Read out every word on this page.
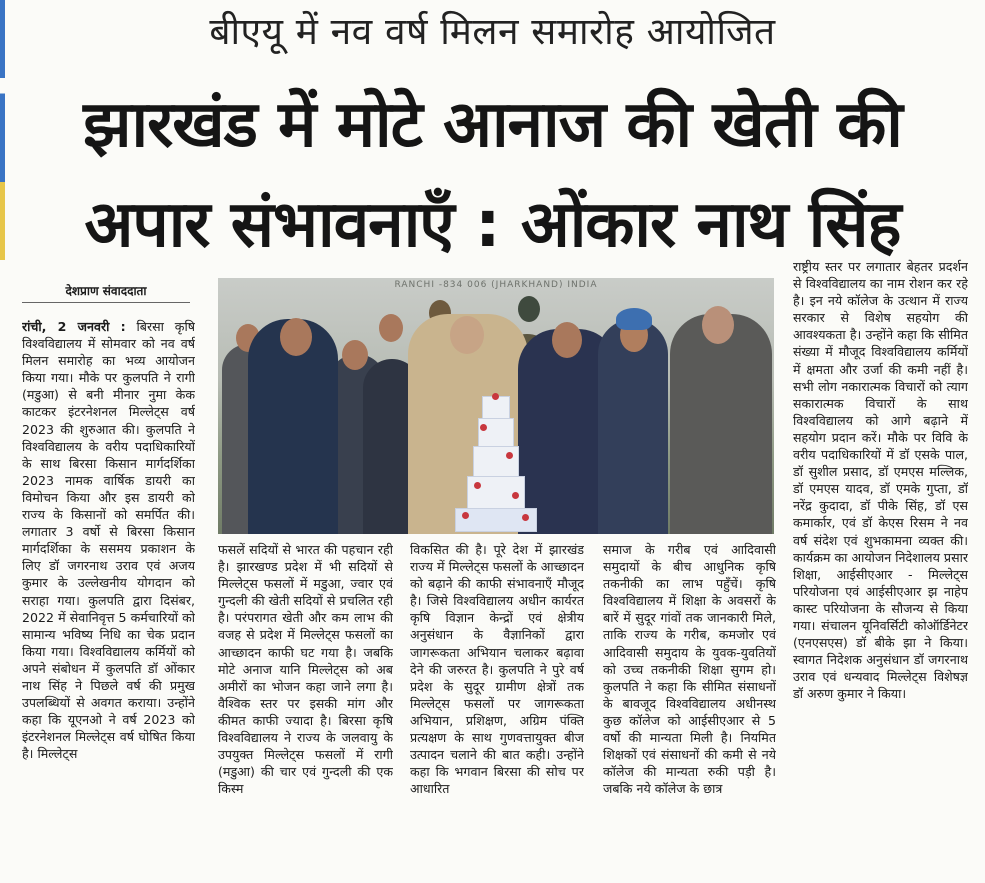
बीएयू में नव वर्ष मिलन समारोह आयोजित
झारखंड में मोटे आनाज की खेती की
अपार संभावनाएँ : ओंकार नाथ सिंह
देशप्राण संवाददाता
रांची, 2 जनवरी : बिरसा कृषि विश्वविद्यालय में सोमवार को नव वर्ष मिलन समारोह का भव्य आयोजन किया गया। मौके पर कुलपति ने रागी (मडुआ) से बनी मीनार नुमा केक काटकर इंटरनेशनल मिल्लेट्स वर्ष 2023 की शुरुआत की। कुलपति ने विश्वविद्यालय के वरीय पदाधिकारियों के साथ बिरसा किसान मार्गदर्शिका 2023 नामक वार्षिक डायरी का विमोचन किया और इस डायरी को राज्य के किसानों को समर्पित की। लगातार 3 वर्षो से बिरसा किसान मार्गदर्शिका के ससमय प्रकाशन के लिए डॉ जगरनाथ उराव एवं अजय कुमार के उल्लेखनीय योगदान को सराहा गया। कुलपति द्वारा दिसंबर, 2022 में सेवानिवृत्त 5 कर्मचारियों को सामान्य भविष्य निधि का चेक प्रदान किया गया। विश्वविद्यालय कर्मियों को अपने संबोधन में कुलपति डॉ ओंकार नाथ सिंह ने पिछले वर्ष की प्रमुख उपलब्धियों से अवगत कराया। उन्होंने कहा कि यूएनओ ने वर्ष 2023 को इंटरनेशनल मिल्लेट्स वर्ष घोषित किया है। मिल्लेट्स
RANCHI -834 006 (JHARKHAND) INDIA
फसलें सदियों से भारत की पहचान रही है। झारखण्ड प्रदेश में भी सदियों से मिल्लेट्स फसलों में मडुआ, ज्वार एवं गुन्दली की खेती सदियों से प्रचलित रही है। परंपरागत खेती और कम लाभ की वजह से प्रदेश में मिल्लेट्स फसलों का आच्छादन काफी घट गया है। जबकि मोटे अनाज यानि मिल्लेट्स को अब अमीरों का भोजन कहा जाने लगा है। वैश्विक स्तर पर इसकी मांग और कीमत काफी ज्यादा है। बिरसा कृषि विश्वविद्यालय ने राज्य के जलवायु के उपयुक्त मिल्लेट्स फसलों में रागी (मडुआ) की चार एवं गुन्दली की एक किस्म
विकसित की है। पूरे देश में झारखंड राज्य में मिल्लेट्स फसलों के आच्छादन को बढ़ाने की काफी संभावनाएँ मौजूद है। जिसे विश्वविद्यालय अधीन कार्यरत कृषि विज्ञान केन्द्रों एवं क्षेत्रीय अनुसंधान के वैज्ञानिकों द्वारा जागरूकता अभियान चलाकर बढ़ावा देने की जरुरत है। कुलपति ने पुरे वर्ष प्रदेश के सुदूर ग्रामीण क्षेत्रों तक मिल्लेट्स फसलों पर जागरूकता अभियान, प्रशिक्षण, अग्रिम पंक्ति प्रत्यक्षण के साथ गुणवत्तायुक्त बीज उत्पादन चलाने की बात कही। उन्होंने कहा कि भगवान बिरसा की सोच पर आधारित
समाज के गरीब एवं आदिवासी समुदायों के बीच आधुनिक कृषि तकनीकी का लाभ पहुँचें। कृषि विश्वविद्यालय में शिक्षा के अवसरों के बारें में सुदूर गांवों तक जानकारी मिले, ताकि राज्य के गरीब, कमजोर एवं आदिवासी समुदाय के युवक-युवतियों को उच्च तकनीकी शिक्षा सुगम हो। कुलपति ने कहा कि सीमित संसाधनों के बावजूद विश्वविद्यालय अधीनस्थ कुछ कॉलेज को आईसीएआर से 5 वर्षो की मान्यता मिली है। नियमित शिक्षकों एवं संसाधनों की कमी से नये कॉलेज की मान्यता रुकी पड़ी है। जबकि नये कॉलेज के छात्र
राष्ट्रीय स्तर पर लगातार बेहतर प्रदर्शन से विश्वविद्यालय का नाम रोशन कर रहे है। इन नये कॉलेज के उत्थान में राज्य सरकार से विशेष सहयोग की आवश्यकता है। उन्होंने कहा कि सीमित संख्या में मौजूद विश्वविद्यालय कर्मियों में क्षमता और उर्जा की कमी नहीं है। सभी लोग नकारात्मक विचारों को त्याग सकारात्मक विचारों के साथ विश्वविद्यालय को आगे बढ़ाने में सहयोग प्रदान करें। मौके पर विवि के वरीय पदाधिकारियों में डॉ एसके पाल, डॉ सुशील प्रसाद, डॉ एमएस मल्लिक, डॉ एमएस यादव, डॉ एमके गुप्ता, डॉ नरेंद्र कुदादा, डॉ पीके सिंह, डॉ एस कमार्कार, एवं डॉ केएस रिसम ने नव वर्ष संदेश एवं शुभकामना व्यक्त की। कार्यक्रम का आयोजन निदेशालय प्रसार शिक्षा, आईसीएआर - मिल्लेट्स परियोजना एवं आईसीएआर झ नाहेप कास्ट परियोजना के सौजन्य से किया गया। संचालन यूनिवर्सिटी कोऑर्डिनेटर (एनएसएस) डॉ बीके झा ने किया। स्वागत निदेशक अनुसंधान डॉ जगरनाथ उराव एवं धन्यवाद मिल्लेट्स विशेषज्ञ डॉ अरुण कुमार ने किया।
